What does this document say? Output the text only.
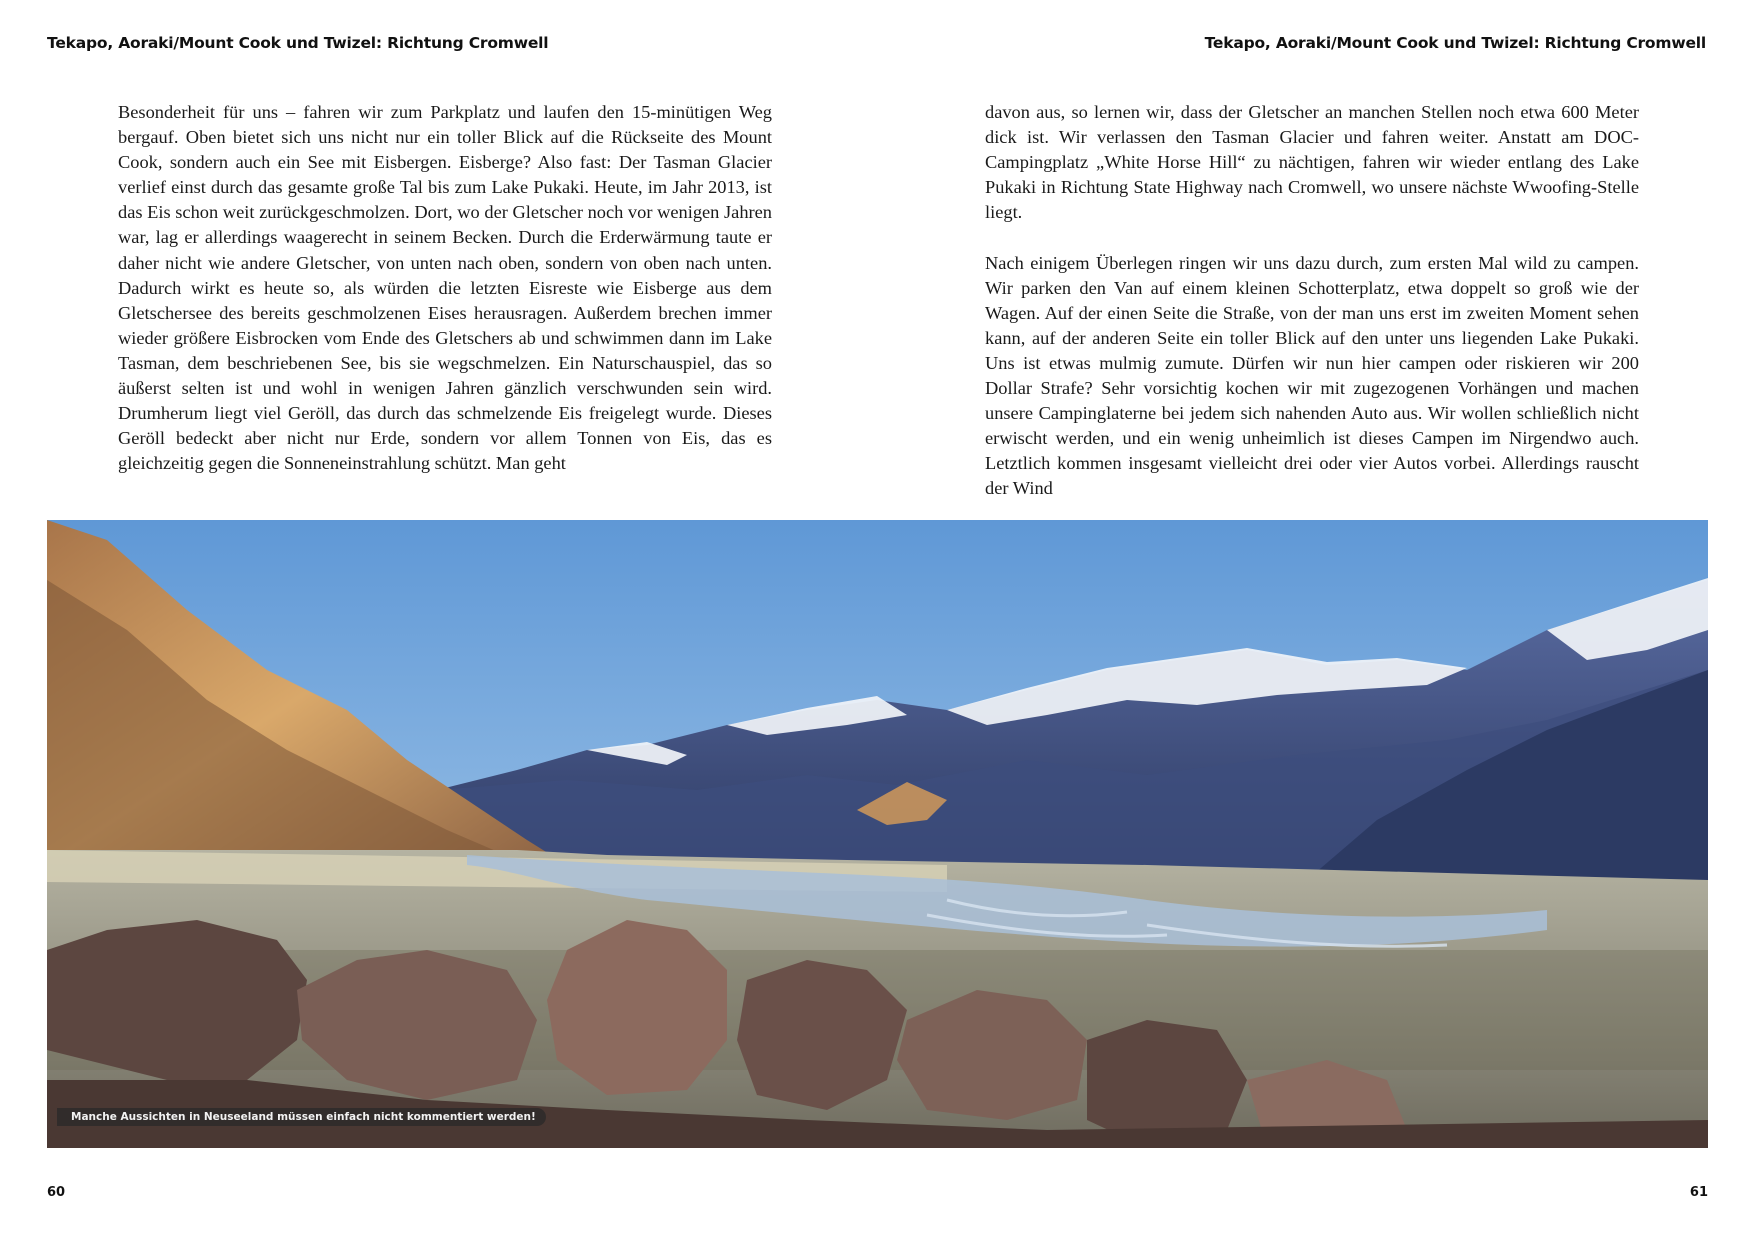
Tekapo, Aoraki/Mount Cook und Twizel: Richtung Cromwell	Tekapo, Aoraki/Mount Cook und Twizel: Richtung Cromwell

Besonderheit für uns – fahren wir zum Parkplatz und laufen den 15-minütigen Weg bergauf. Oben bietet sich uns nicht nur ein toller Blick auf die Rückseite des Mount Cook, sondern auch ein See mit Eisbergen. Eisberge? Also fast: Der Tasman Glacier verlief einst durch das gesamte große Tal bis zum Lake Pukaki. Heute, im Jahr 2013, ist das Eis schon weit zurückgeschmolzen. Dort, wo der Gletscher noch vor wenigen Jahren war, lag er allerdings waagerecht in seinem Becken. Durch die Erderwärmung taute er daher nicht wie andere Gletscher, von unten nach oben, sondern von oben nach unten. Dadurch wirkt es heute so, als würden die letzten Eisreste wie Eisberge aus dem Gletschersee des bereits geschmolzenen Eises herausragen. Außerdem brechen immer wieder größere Eisbrocken vom Ende des Gletschers ab und schwimmen dann im Lake Tasman, dem beschriebenen See, bis sie wegschmelzen. Ein Naturschauspiel, das so äußerst selten ist und wohl in wenigen Jahren gänzlich verschwunden sein wird. Drumherum liegt viel Geröll, das durch das schmelzende Eis freigelegt wurde. Dieses Geröll bedeckt aber nicht nur Erde, sondern vor allem Tonnen von Eis, das es gleichzeitig gegen die Sonneneinstrahlung schützt. Man geht

davon aus, so lernen wir, dass der Gletscher an manchen Stellen noch etwa 600 Meter dick ist. Wir verlassen den Tasman Glacier und fahren weiter. Anstatt am DOC-Campingplatz „White Horse Hill“ zu nächtigen, fahren wir wieder entlang des Lake Pukaki in Richtung State Highway nach Cromwell, wo unsere nächste Wwoofing-Stelle liegt.

Nach einigem Überlegen ringen wir uns dazu durch, zum ersten Mal wild zu campen. Wir parken den Van auf einem kleinen Schotterplatz, etwa doppelt so groß wie der Wagen. Auf der einen Seite die Straße, von der man uns erst im zweiten Moment sehen kann, auf der anderen Seite ein toller Blick auf den unter uns liegenden Lake Pukaki. Uns ist etwas mulmig zumute. Dürfen wir nun hier campen oder riskieren wir 200 Dollar Strafe? Sehr vorsichtig kochen wir mit zugezogenen Vorhängen und machen unsere Campinglaterne bei jedem sich nahenden Auto aus. Wir wollen schließlich nicht erwischt werden, und ein wenig unheimlich ist dieses Campen im Nirgendwo auch. Letztlich kommen insgesamt vielleicht drei oder vier Autos vorbei. Allerdings rauscht der Wind

Manche Aussichten in Neuseeland müssen einfach nicht kommentiert werden!
60	61
